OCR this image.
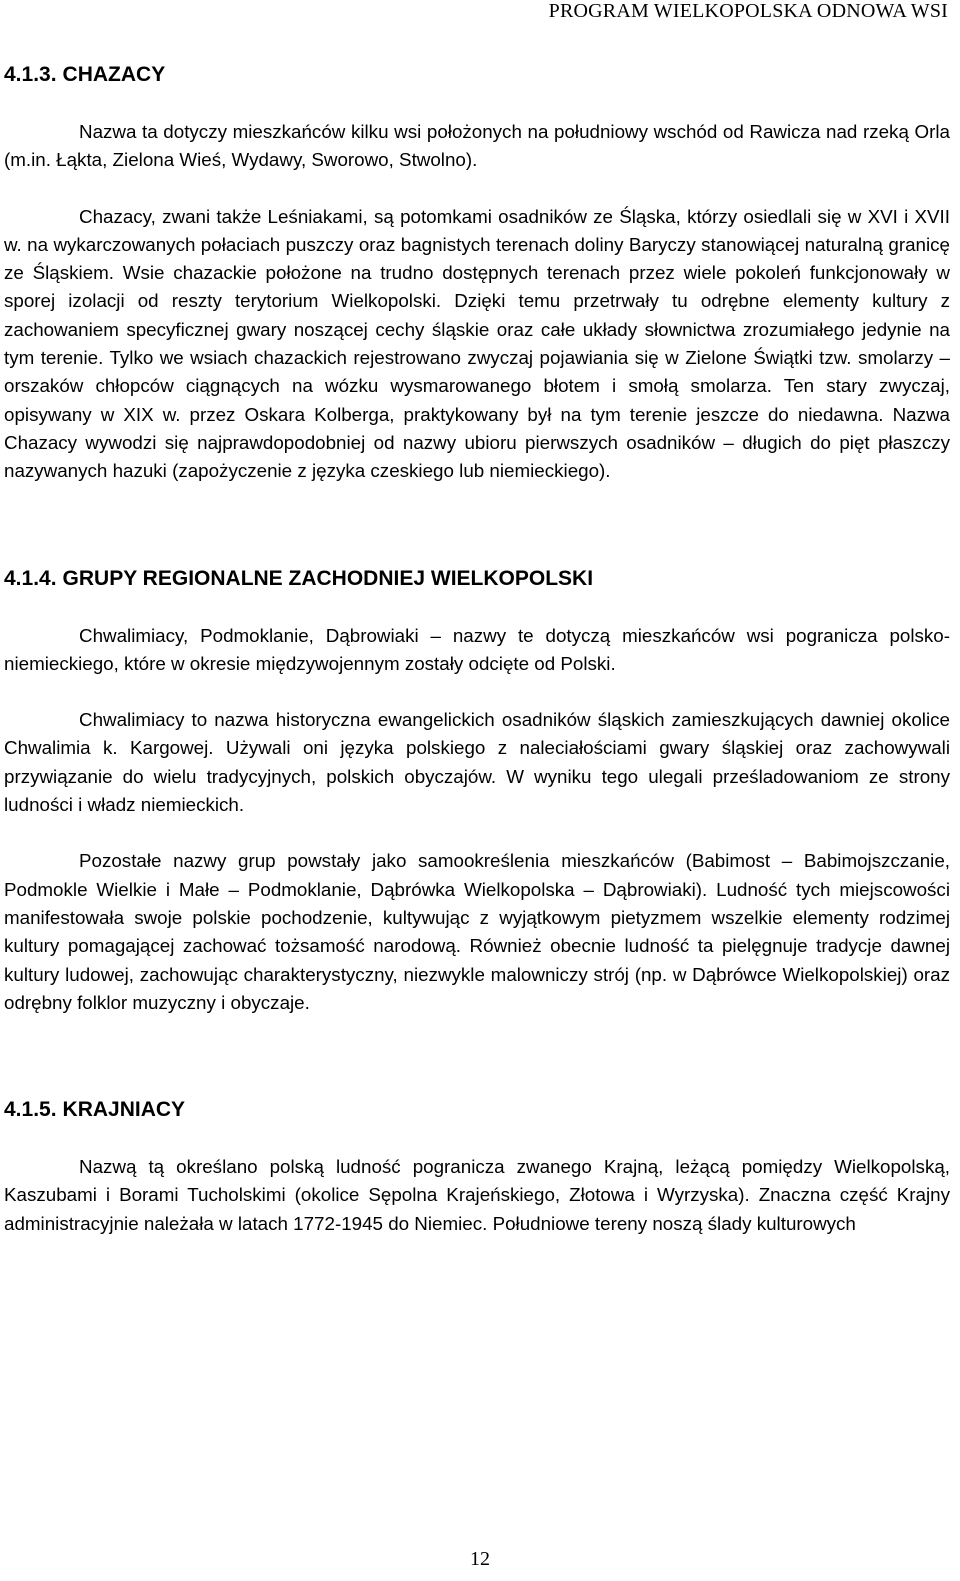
PROGRAM WIELKOPOLSKA ODNOWA WSI
4.1.3. CHAZACY

Nazwa ta dotyczy mieszkańców kilku wsi położonych na południowy wschód od Rawicza nad rzeką Orla (m.in. Łąkta, Zielona Wieś, Wydawy, Sworowo, Stwolno).

Chazacy, zwani także Leśniakami, są potomkami osadników ze Śląska, którzy osiedlali się w XVI i XVII w. na wykarczowanych połaciach puszczy oraz bagnistych terenach doliny Baryczy stanowiącej naturalną granicę ze Śląskiem. Wsie chazackie położone na trudno dostępnych terenach przez wiele pokoleń funkcjonowały w sporej izolacji od reszty terytorium Wielkopolski. Dzięki temu przetrwały tu odrębne elementy kultury z zachowaniem specyficznej gwary noszącej cechy śląskie oraz całe układy słownictwa zrozumiałego jedynie na tym terenie. Tylko we wsiach chazackich rejestrowano zwyczaj pojawiania się w Zielone Świątki tzw. smolarzy – orszaków chłopców ciągnących na wózku wysmarowanego błotem i smołą smolarza. Ten stary zwyczaj, opisywany w XIX w. przez Oskara Kolberga, praktykowany był na tym terenie jeszcze do niedawna. Nazwa Chazacy wywodzi się najprawdopodobniej od nazwy ubioru pierwszych osadników – długich do pięt płaszczy nazywanych hazuki (zapożyczenie z języka czeskiego lub niemieckiego).

4.1.4. GRUPY REGIONALNE ZACHODNIEJ WIELKOPOLSKI

Chwalimiacy, Podmoklanie, Dąbrowiaki – nazwy te dotyczą mieszkańców wsi pogranicza polsko-niemieckiego, które w okresie międzywojennym zostały odcięte od Polski.

Chwalimiacy to nazwa historyczna ewangelickich osadników śląskich zamieszkujących dawniej okolice Chwalimia k. Kargowej. Używali oni języka polskiego z naleciałościami gwary śląskiej oraz zachowywali przywiązanie do wielu tradycyjnych, polskich obyczajów. W wyniku tego ulegali prześladowaniom ze strony ludności i władz niemieckich.

Pozostałe nazwy grup powstały jako samookreślenia mieszkańców (Babimost – Babimojszczanie, Podmokle Wielkie i Małe – Podmoklanie, Dąbrówka Wielkopolska – Dąbrowiaki). Ludność tych miejscowości manifestowała swoje polskie pochodzenie, kultywując z wyjątkowym pietyzmem wszelkie elementy rodzimej kultury pomagającej zachować tożsamość narodową. Również obecnie ludność ta pielęgnuje tradycje dawnej kultury ludowej, zachowując charakterystyczny, niezwykle malowniczy strój (np. w Dąbrówce Wielkopolskiej) oraz odrębny folklor muzyczny i obyczaje.

4.1.5. KRAJNIACY

Nazwą tą określano polską ludność pogranicza zwanego Krajną, leżącą pomiędzy Wielkopolską, Kaszubami i Borami Tucholskimi (okolice Sępolna Krajeńskiego, Złotowa i Wyrzyska). Znaczna część Krajny administracyjnie należała w latach 1772-1945 do Niemiec. Południowe tereny noszą ślady kulturowych

12
